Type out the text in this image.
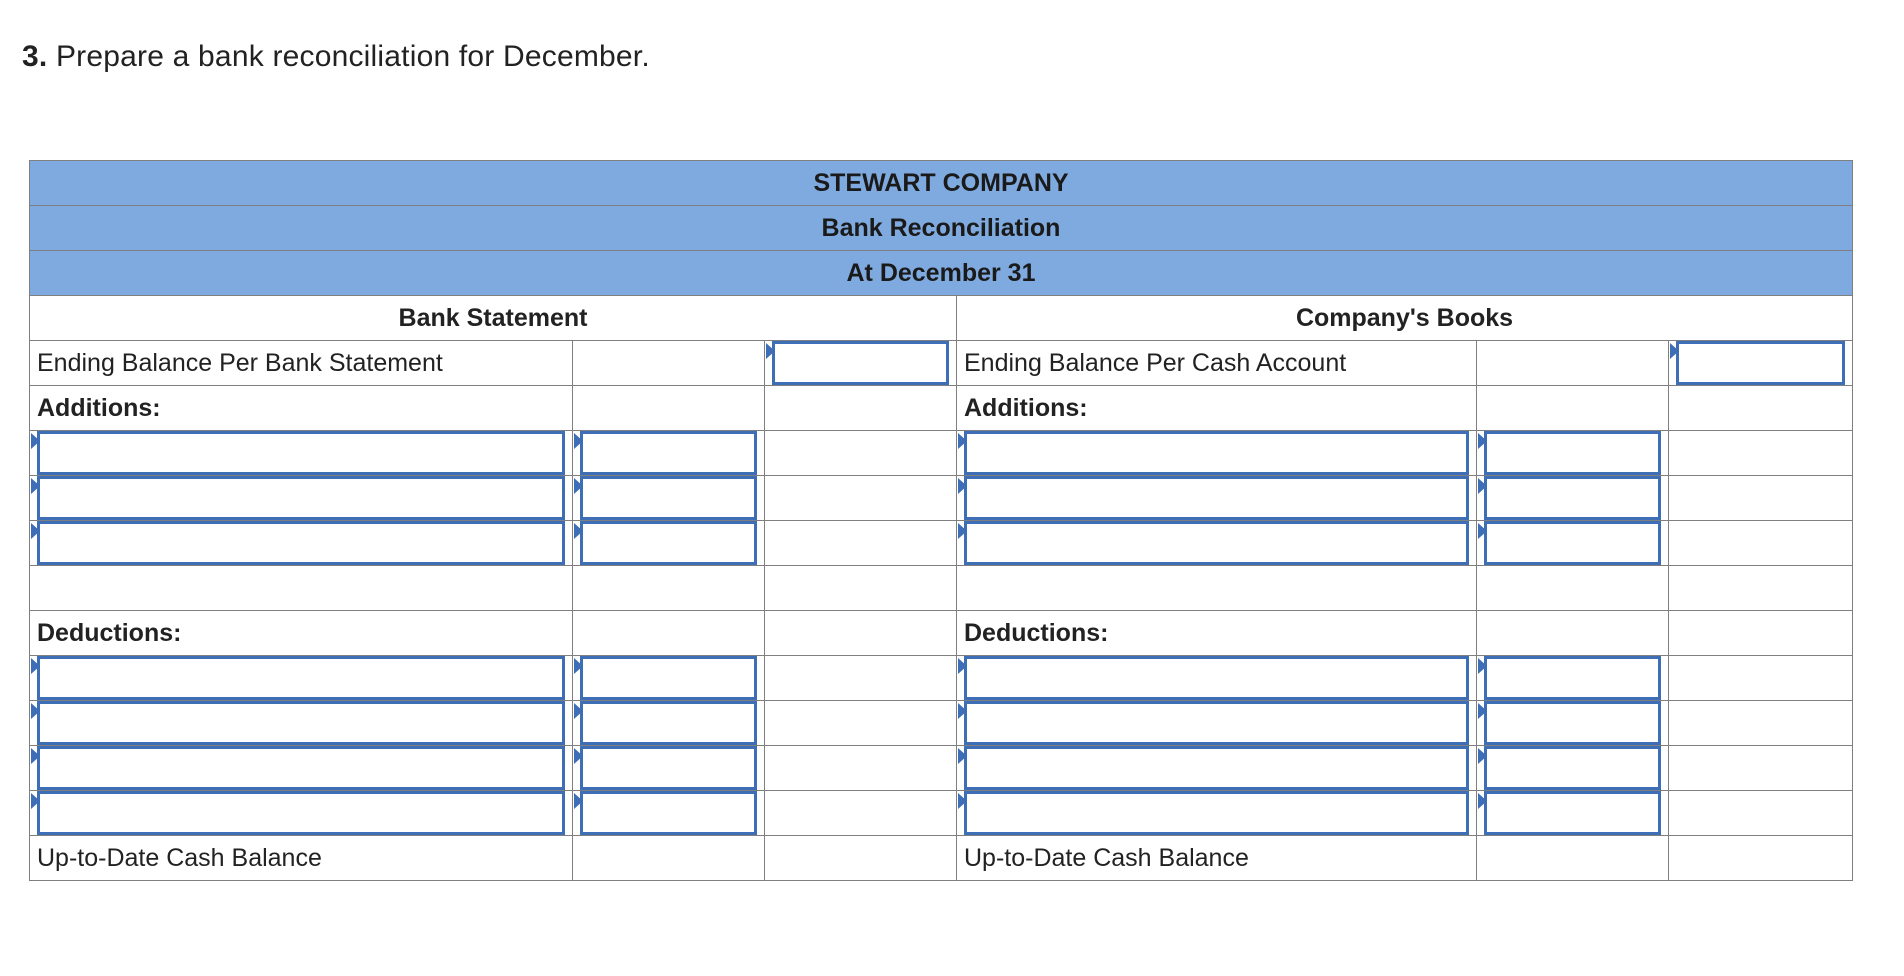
3. Prepare a bank reconciliation for December.
STEWART COMPANY					
Bank Reconciliation					
At December 31					
Bank Statement			Company's Books		
Ending Balance Per Bank Statement			Ending Balance Per Cash Account		

Additions:			Additions:		

Deductions:			Deductions:		

Up-to-Date Cash Balance			Up-to-Date Cash Balance		
